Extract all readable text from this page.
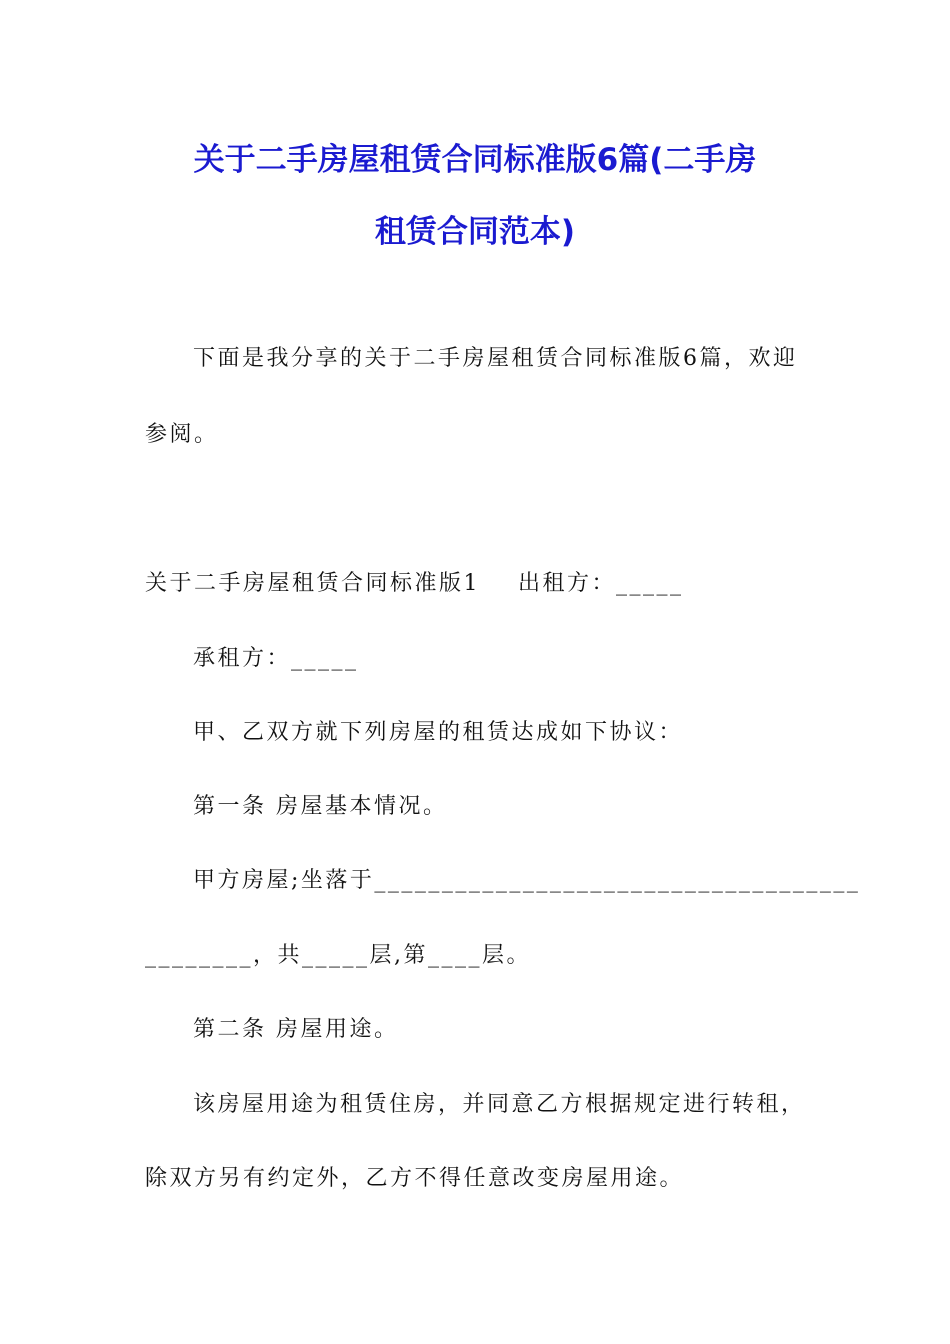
关于二手房屋租赁合同标准版6篇(二手房
租赁合同范本)
下面是我分享的关于二手房屋租赁合同标准版6篇，欢迎
参阅。
关于二手房屋租赁合同标准版1 出租方：_____
承租方：_____
甲、乙双方就下列房屋的租赁达成如下协议：
第一条 房屋基本情况。
甲方房屋;坐落于____________________________________
________，共_____层,第____层。
第二条 房屋用途。
该房屋用途为租赁住房，并同意乙方根据规定进行转租，
除双方另有约定外，乙方不得任意改变房屋用途。
